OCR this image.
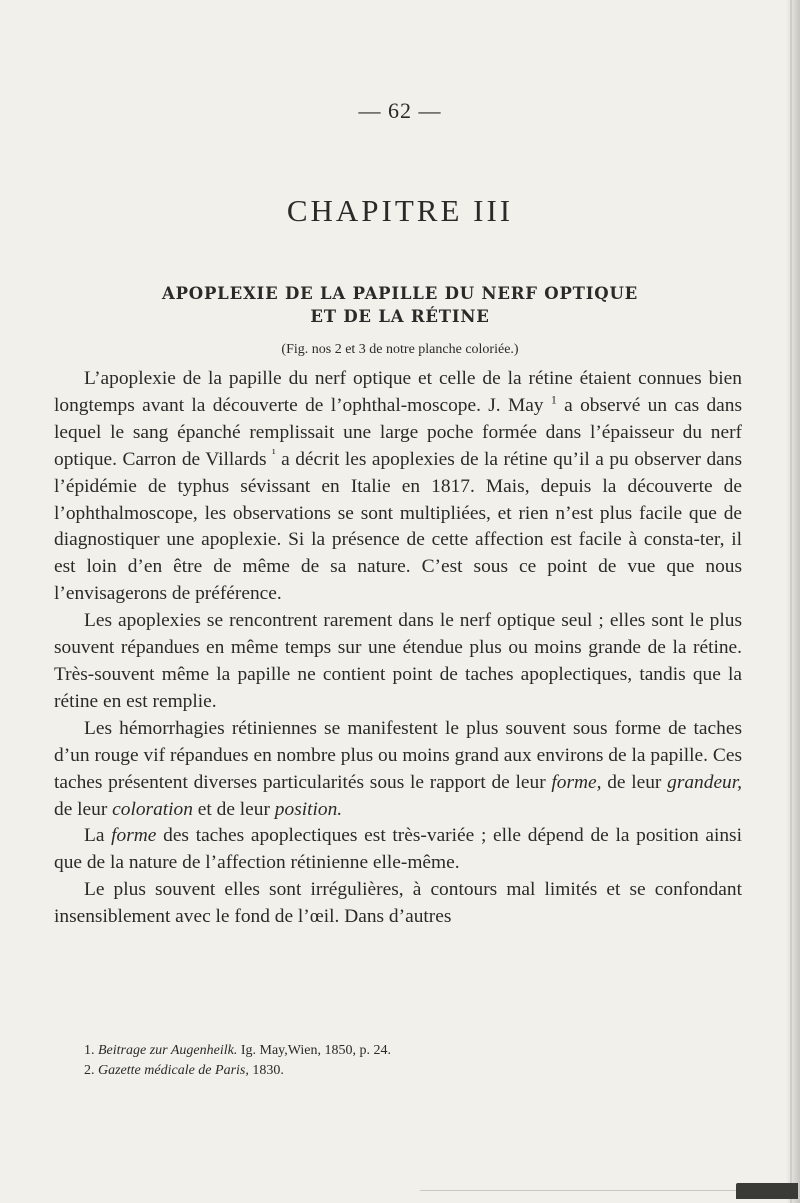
— 62 —
CHAPITRE III
APOPLEXIE DE LA PAPILLE DU NERF OPTIQUE
ET DE LA RÉTINE
(Fig. nos 2 et 3 de notre planche coloriée.)

L’apoplexie de la papille du nerf optique et celle de la rétine étaient connues bien longtemps avant la découverte de l’ophthal-moscope. J. May $^1$ a observé un cas dans lequel le sang épanché remplissait une large poche formée dans l’épaisseur du nerf optique. Carron de Villards $^{^1}$ a décrit les apoplexies de la rétine qu’il a pu observer dans l’épidémie de typhus sévissant en Italie en 1817. Mais, depuis la découverte de l’ophthalmoscope, les observations se sont multipliées, et rien n’est plus facile que de diagnostiquer une apoplexie. Si la présence de cette affection est facile à consta-ter, il est loin d’en être de même de sa nature. C’est sous ce point de vue que nous l’envisagerons de préférence.

Les apoplexies se rencontrent rarement dans le nerf optique seul ; elles sont le plus souvent répandues en même temps sur une étendue plus ou moins grande de la rétine. Très-souvent même la papille ne contient point de taches apoplectiques, tandis que la rétine en est remplie.

Les hémorrhagies rétiniennes se manifestent le plus souvent sous forme de taches d’un rouge vif répandues en nombre plus ou moins grand aux environs de la papille. Ces taches présentent diverses particularités sous le rapport de leur forme, de leur grandeur, de leur coloration et de leur position.

La forme des taches apoplectiques est très-variée ; elle dépend de la position ainsi que de la nature de l’affection rétinienne elle-même.

Le plus souvent elles sont irrégulières, à contours mal limités et se confondant insensiblement avec le fond de l’œil. Dans d’autres

1. Beitrage zur Augenheilk. Ig. May,Wien, 1850, p. 24.
2. Gazette médicale de Paris, 1830.
